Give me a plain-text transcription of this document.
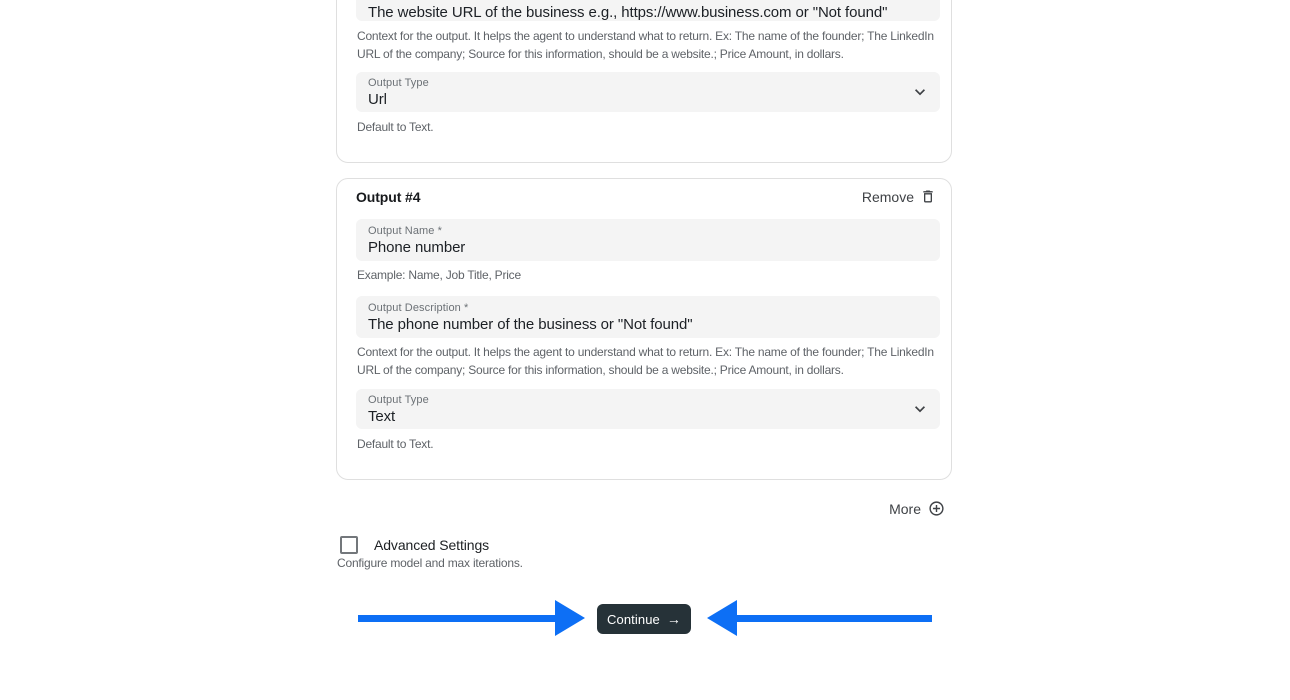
The website URL of the business e.g., https://www.business.com or "Not found"

Context for the output. It helps the agent to understand what to return. Ex: The name of the founder; The LinkedIn URL of the company; Source for this information, should be a website.; Price Amount, in dollars.

Output Type
Url

Default to Text.

Output #4	Remove
Output Name *
Phone number

Example: Name, Job Title, Price

Output Description *
The phone number of the business or "Not found"

Context for the output. It helps the agent to understand what to return. Ex: The name of the founder; The LinkedIn URL of the company; Source for this information, should be a website.; Price Amount, in dollars.

Output Type
Text

Default to Text.

More
Advanced Settings

Configure model and max iterations.

Continue →
